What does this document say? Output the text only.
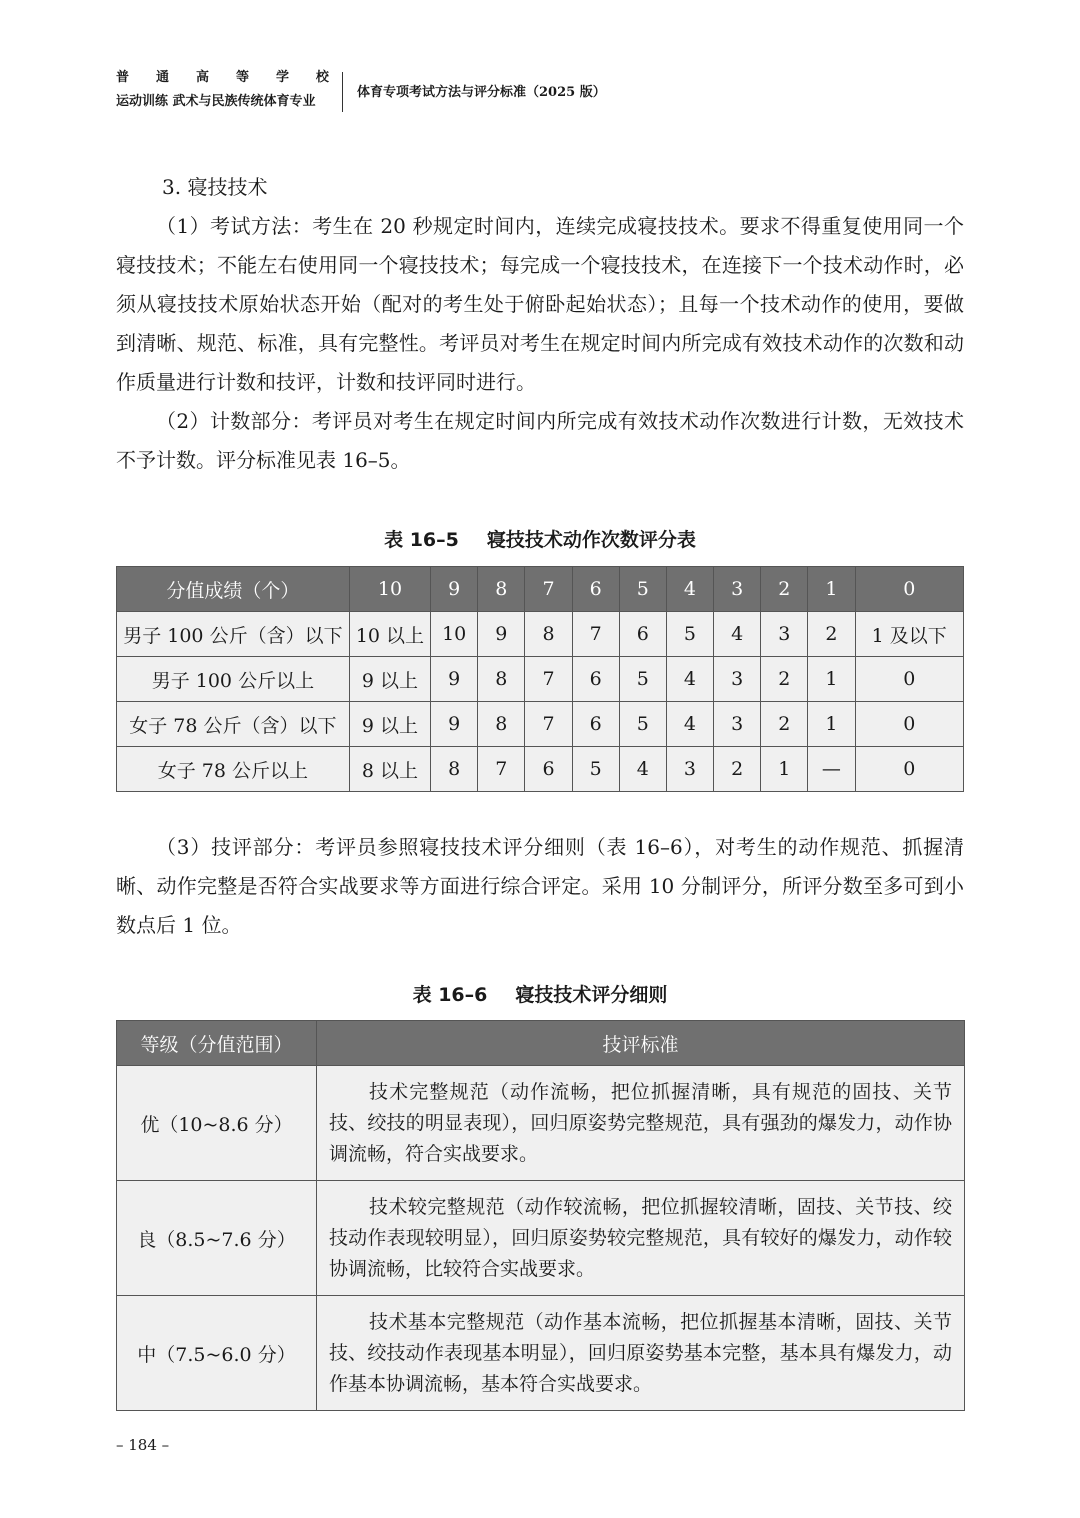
普 通 高 等 学 校
运动训练 武术与民族传统体育专业
体育专项考试方法与评分标准（2025 版）

3. 寝技技术

（1）考试方法：考生在 20 秒规定时间内，连续完成寝技技术。要求不得重复使用同一个寝技技术；不能左右使用同一个寝技技术；每完成一个寝技技术，在连接下一个技术动作时，必须从寝技技术原始状态开始（配对的考生处于俯卧起始状态）；且每一个技术动作的使用，要做到清晰、规范、标准，具有完整性。考评员对考生在规定时间内所完成有效技术动作的次数和动作质量进行计数和技评，计数和技评同时进行。

（2）计数部分：考评员对考生在规定时间内所完成有效技术动作次数进行计数，无效技术不予计数。评分标准见表 16–5。

表 16–5 寝技技术动作次数评分表
分值成绩（个）	10	9	8	7	6	5	4	3	2	1	0
男子 100 公斤（含）以下	10 以上	10	9	8	7	6	5	4	3	2	1 及以下
男子 100 公斤以上	9 以上	9	8	7	6	5	4	3	2	1	0
女子 78 公斤（含）以下	9 以上	9	8	7	6	5	4	3	2	1	0
女子 78 公斤以上	8 以上	8	7	6	5	4	3	2	1	—	0

（3）技评部分：考评员参照寝技技术评分细则（表 16–6），对考生的动作规范、抓握清晰、动作完整是否符合实战要求等方面进行综合评定。采用 10 分制评分，所评分数至多可到小数点后 1 位。

表 16–6 寝技技术评分细则
等级（分值范围）	技评标准
优（10~8.6 分）	技术完整规范（动作流畅，把位抓握清晰，具有规范的固技、关节技、绞技的明显表现），回归原姿势完整规范，具有强劲的爆发力，动作协调流畅，符合实战要求。

良（8.5~7.6 分）	技术较完整规范（动作较流畅，把位抓握较清晰，固技、关节技、绞技动作表现较明显），回归原姿势较完整规范，具有较好的爆发力，动作较协调流畅，比较符合实战要求。

中（7.5~6.0 分）	技术基本完整规范（动作基本流畅，把位抓握基本清晰，固技、关节技、绞技动作表现基本明显），回归原姿势基本完整，基本具有爆发力，动作基本协调流畅，基本符合实战要求。
– 184 –
